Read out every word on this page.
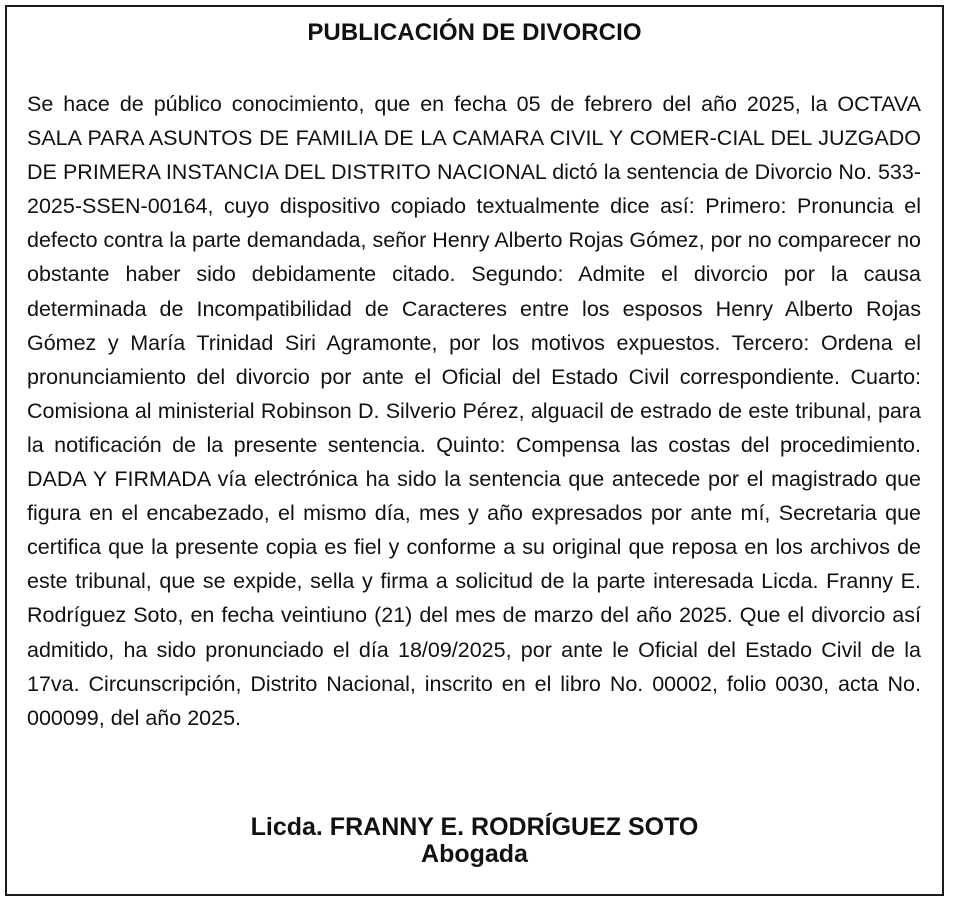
PUBLICACIÓN DE DIVORCIO

Se hace de público conocimiento, que en fecha 05 de febrero del año 2025, la OCTAVA SALA PARA ASUNTOS DE FAMILIA DE LA CAMARA CIVIL Y COMER-CIAL DEL JUZGADO DE PRIMERA INSTANCIA DEL DISTRITO NACIONAL dictó la sentencia de Divorcio No. 533-2025-SSEN-00164, cuyo dispositivo copiado textualmente dice así: Primero: Pronuncia el defecto contra la parte demandada, señor Henry Alberto Rojas Gómez, por no comparecer no obstante haber sido debidamente citado. Segundo: Admite el divorcio por la causa determinada de Incompatibilidad de Caracteres entre los esposos Henry Alberto Rojas Gómez y María Trinidad Siri Agramonte, por los motivos expuestos. Tercero: Ordena el pronunciamiento del divorcio por ante el Oficial del Estado Civil correspondiente. Cuarto: Comisiona al ministerial Robinson D. Silverio Pérez, alguacil de estrado de este tribunal, para la notificación de la presente sentencia. Quinto: Compensa las costas del procedimiento. DADA Y FIRMADA vía electrónica ha sido la sentencia que antecede por el magistrado que figura en el encabezado, el mismo día, mes y año expresados por ante mí, Secretaria que certifica que la presente copia es fiel y conforme a su original que reposa en los archivos de este tribunal, que se expide, sella y firma a solicitud de la parte interesada Licda. Franny E. Rodríguez Soto, en fecha veintiuno (21) del mes de marzo del año 2025. Que el divorcio así admitido, ha sido pronunciado el día 18/09/2025, por ante le Oficial del Estado Civil de la 17va. Circunscripción, Distrito Nacional, inscrito en el libro No. 00002, folio 0030, acta No. 000099, del año 2025.

Licda. FRANNY E. RODRÍGUEZ SOTO
Abogada
